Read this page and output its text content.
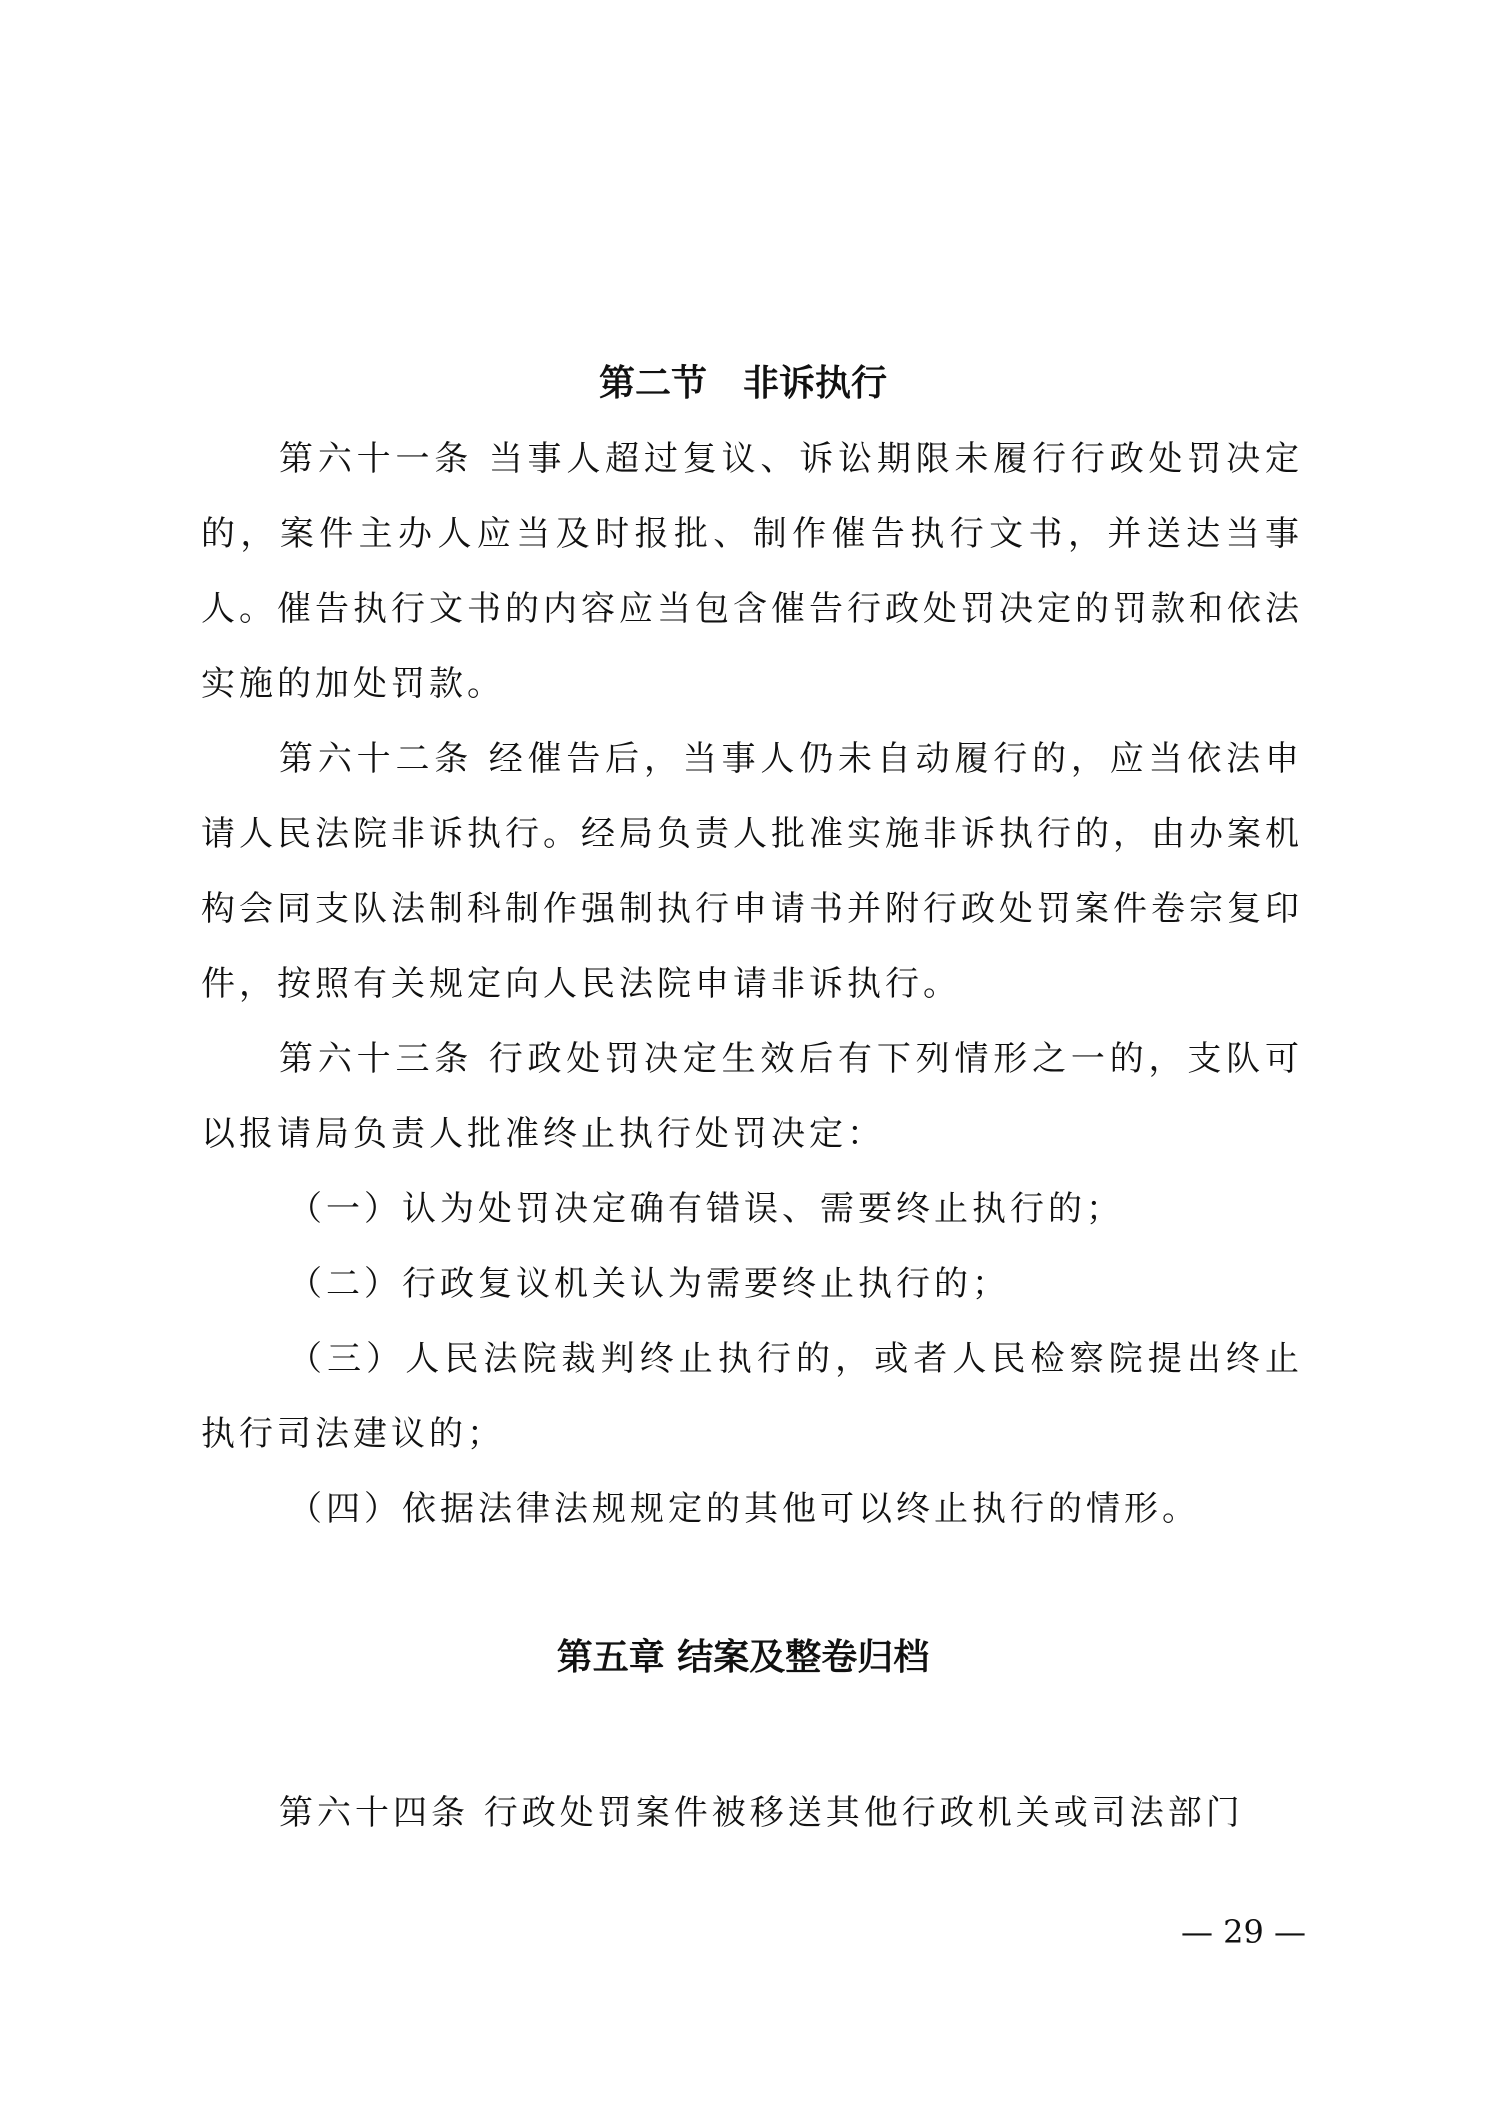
第二节　非诉执行
第六十一条 当事人超过复议、诉讼期限未履行行政处罚决定的，案件主办人应当及时报批、制作催告执行文书，并送达当事人。催告执行文书的内容应当包含催告行政处罚决定的罚款和依法实施的加处罚款。
第六十二条 经催告后，当事人仍未自动履行的，应当依法申请人民法院非诉执行。经局负责人批准实施非诉执行的，由办案机构会同支队法制科制作强制执行申请书并附行政处罚案件卷宗复印件，按照有关规定向人民法院申请非诉执行。
第六十三条 行政处罚决定生效后有下列情形之一的，支队可以报请局负责人批准终止执行处罚决定：
（一）认为处罚决定确有错误、需要终止执行的；
（二）行政复议机关认为需要终止执行的；
（三）人民法院裁判终止执行的，或者人民检察院提出终止执行司法建议的；
（四）依据法律法规规定的其他可以终止执行的情形。
第五章 结案及整卷归档
第六十四条 行政处罚案件被移送其他行政机关或司法部门
— 29 —
